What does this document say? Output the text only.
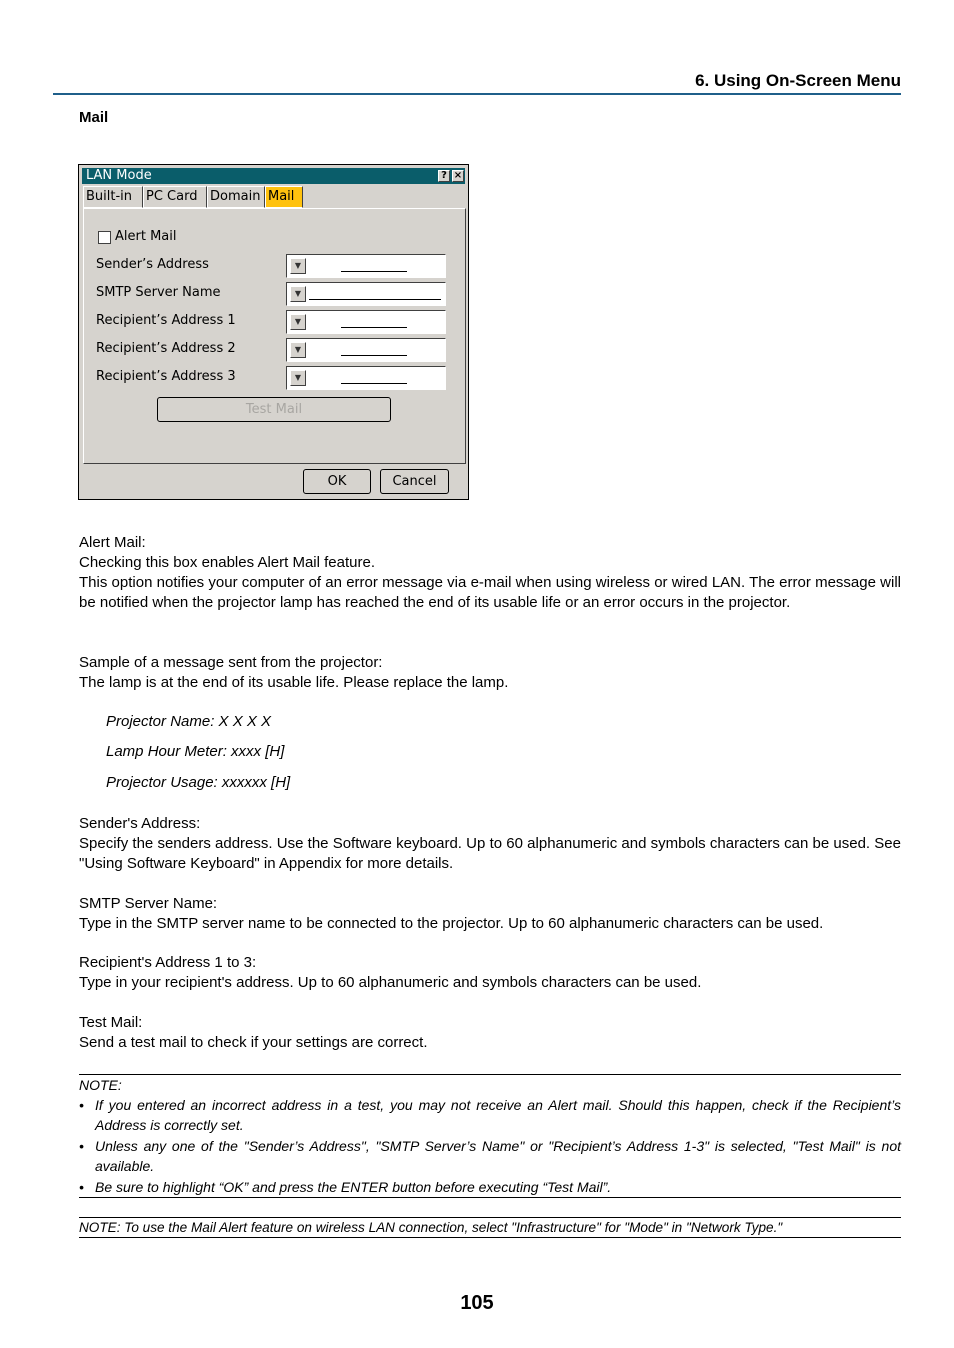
6. Using On-Screen Menu
Mail
LAN Mode	? ×
Built-in	PC Card Domain Mail
Alert Mail
Sender’s Address	▼
SMTP Server Name	▼
Recipient’s Address 1	▼
Recipient’s Address 2	▼
Recipient’s Address 3	▼
Test Mail
OK	Cancel
Alert Mail:
Checking this box enables Alert Mail feature.
This option notifies your computer of an error message via e-mail when using wireless or wired LAN. The error message will be notified when the projector lamp has reached the end of its usable life or an error occurs in the projector.
Sample of a message sent from the projector:
The lamp is at the end of its usable life. Please replace the lamp.
Projector Name: X X X X
Lamp Hour Meter: xxxx [H]
Projector Usage: xxxxxx [H]
Sender's Address:
Specify the senders address. Use the Software keyboard. Up to 60 alphanumeric and symbols characters can be used. See "Using Software Keyboard" in Appendix for more details.
SMTP Server Name:
Type in the SMTP server name to be connected to the projector. Up to 60 alphanumeric characters can be used.
Recipient's Address 1 to 3:
Type in your recipient's address. Up to 60 alphanumeric and symbols characters can be used.
Test Mail:
Send a test mail to check if your settings are correct.
NOTE:
• If you entered an incorrect address in a test, you may not receive an Alert mail. Should this happen, check if the Recipient’s Address is correctly set.
• Unless any one of the "Sender’s Address", "SMTP Server’s Name" or "Recipient’s Address 1-3" is selected, "Test Mail" is not available.
• Be sure to highlight “OK” and press the ENTER button before executing “Test Mail”.
NOTE: To use the Mail Alert feature on wireless LAN connection, select "Infrastructure" for "Mode" in "Network Type."
105
